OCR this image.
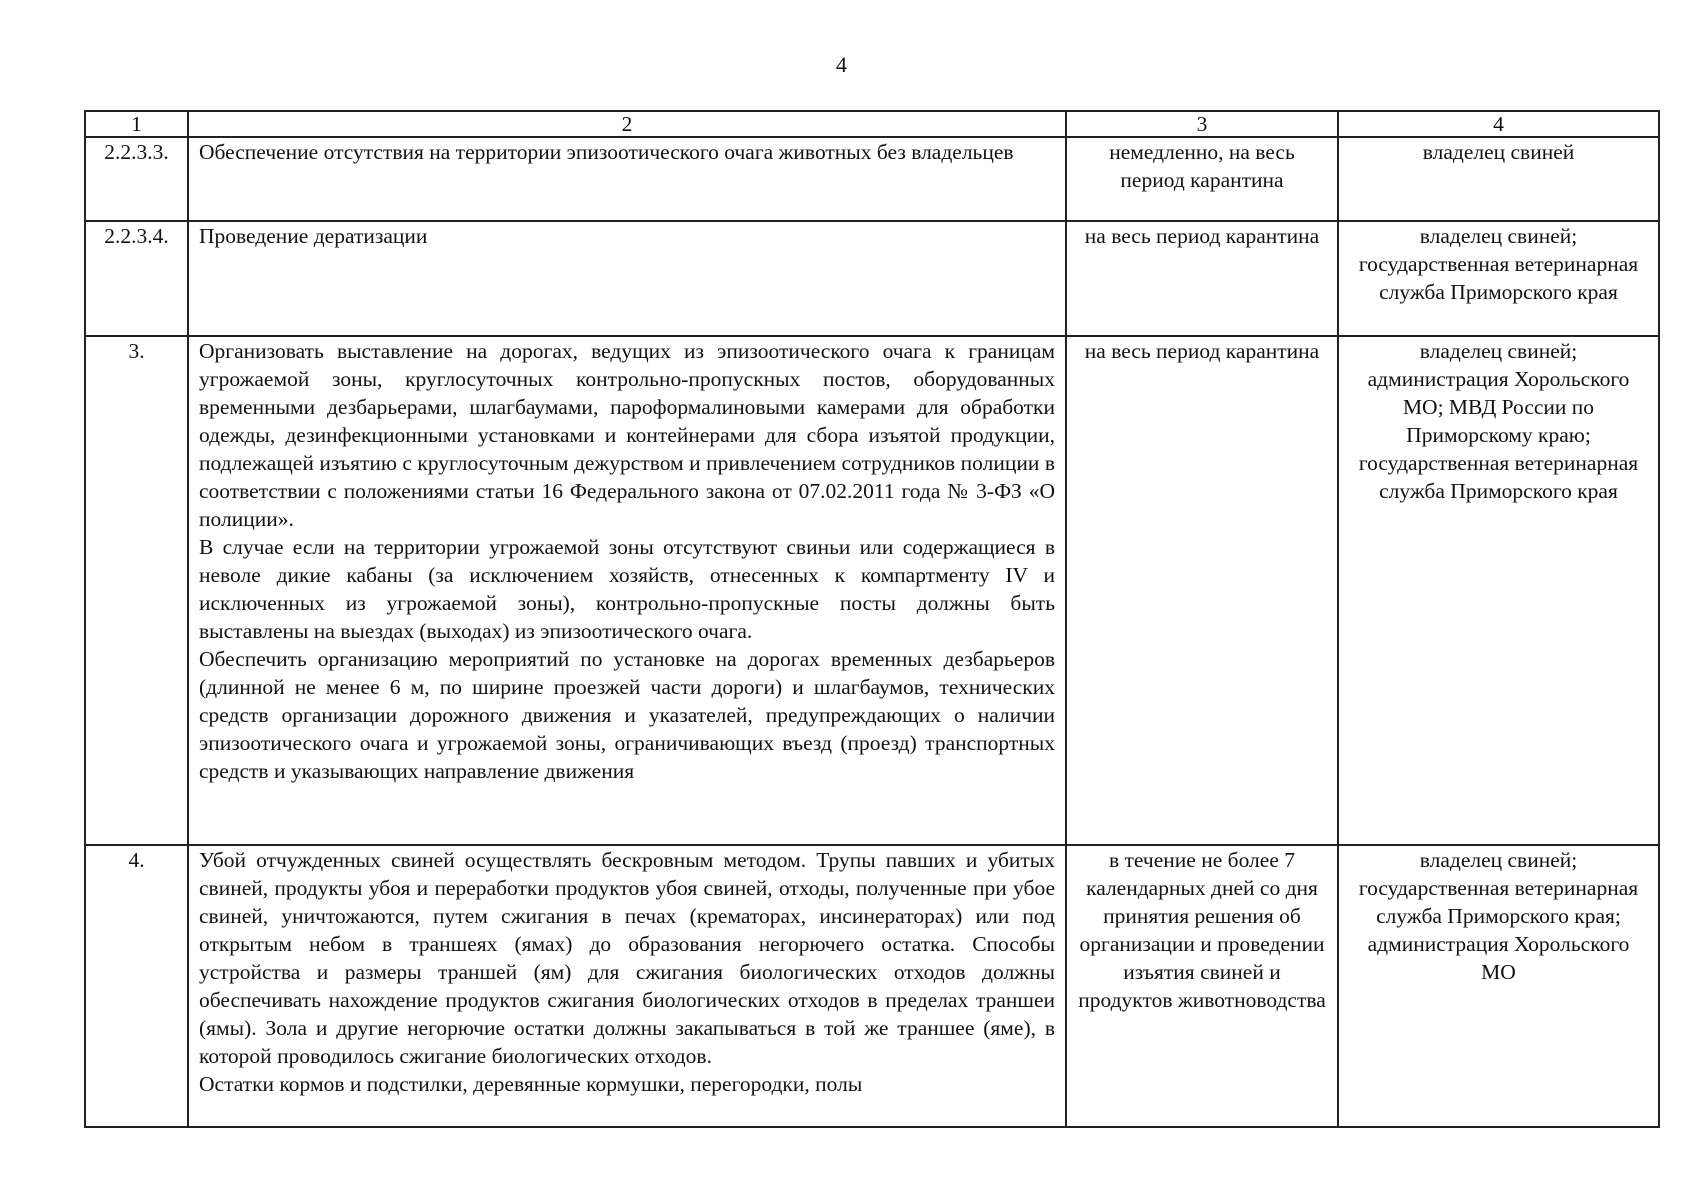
4
1	2	3	4
2.2.3.3.	Обеспечение отсутствия на территории эпизоотического очага животных без владельцев	немедленно, на весь период карантина	владелец свиней
2.2.3.4.	Проведение дератизации	на весь период карантина	владелец свиней; государственная ветеринарная служба Приморского края
3.	Организовать выставление на дорогах, ведущих из эпизоотического очага к границам угрожаемой зоны, круглосуточных контрольно-пропускных постов, оборудованных временными дезбарьерами, шлагбаумами, пароформалиновыми камерами для обработки одежды, дезинфекционными установками и контейнерами для сбора изъятой продукции, подлежащей изъятию с круглосуточным дежурством и привлечением сотрудников полиции в соответствии с положениями статьи 16 Федерального закона от 07.02.2011 года № 3-ФЗ «О полиции».

В случае если на территории угрожаемой зоны отсутствуют свиньи или содержащиеся в неволе дикие кабаны (за исключением хозяйств, отнесенных к компартменту IV и исключенных из угрожаемой зоны), контрольно-пропускные посты должны быть выставлены на выездах (выходах) из эпизоотического очага.

Обеспечить организацию мероприятий по установке на дорогах временных дезбарьеров (длинной не менее 6 м, по ширине проезжей части дороги) и шлагбаумов, технических средств организации дорожного движения и указателей, предупреждающих о наличии эпизоотического очага и угрожаемой зоны, ограничивающих въезд (проезд) транспортных средств и указывающих направление движения	на весь период карантина	владелец свиней; администрация Хорольского МО; МВД России по Приморскому краю; государственная ветеринарная служба Приморского края
4.	Убой отчужденных свиней осуществлять бескровным методом. Трупы павших и убитых свиней, продукты убоя и переработки продуктов убоя свиней, отходы, полученные при убое свиней, уничтожаются, путем сжигания в печах (крематорах, инсинераторах) или под открытым небом в траншеях (ямах) до образования негорючего остатка. Способы устройства и размеры траншей (ям) для сжигания биологических отходов должны обеспечивать нахождение продуктов сжигания биологических отходов в пределах траншеи (ямы). Зола и другие негорючие остатки должны закапываться в той же траншее (яме), в которой проводилось сжигание биологических отходов.

Остатки кормов и подстилки, деревянные кормушки, перегородки, полы	в течение не более 7 календарных дней со дня принятия решения об организации и проведении изъятия свиней и продуктов животноводства	владелец свиней; государственная ветеринарная служба Приморского края; администрация Хорольского МО
